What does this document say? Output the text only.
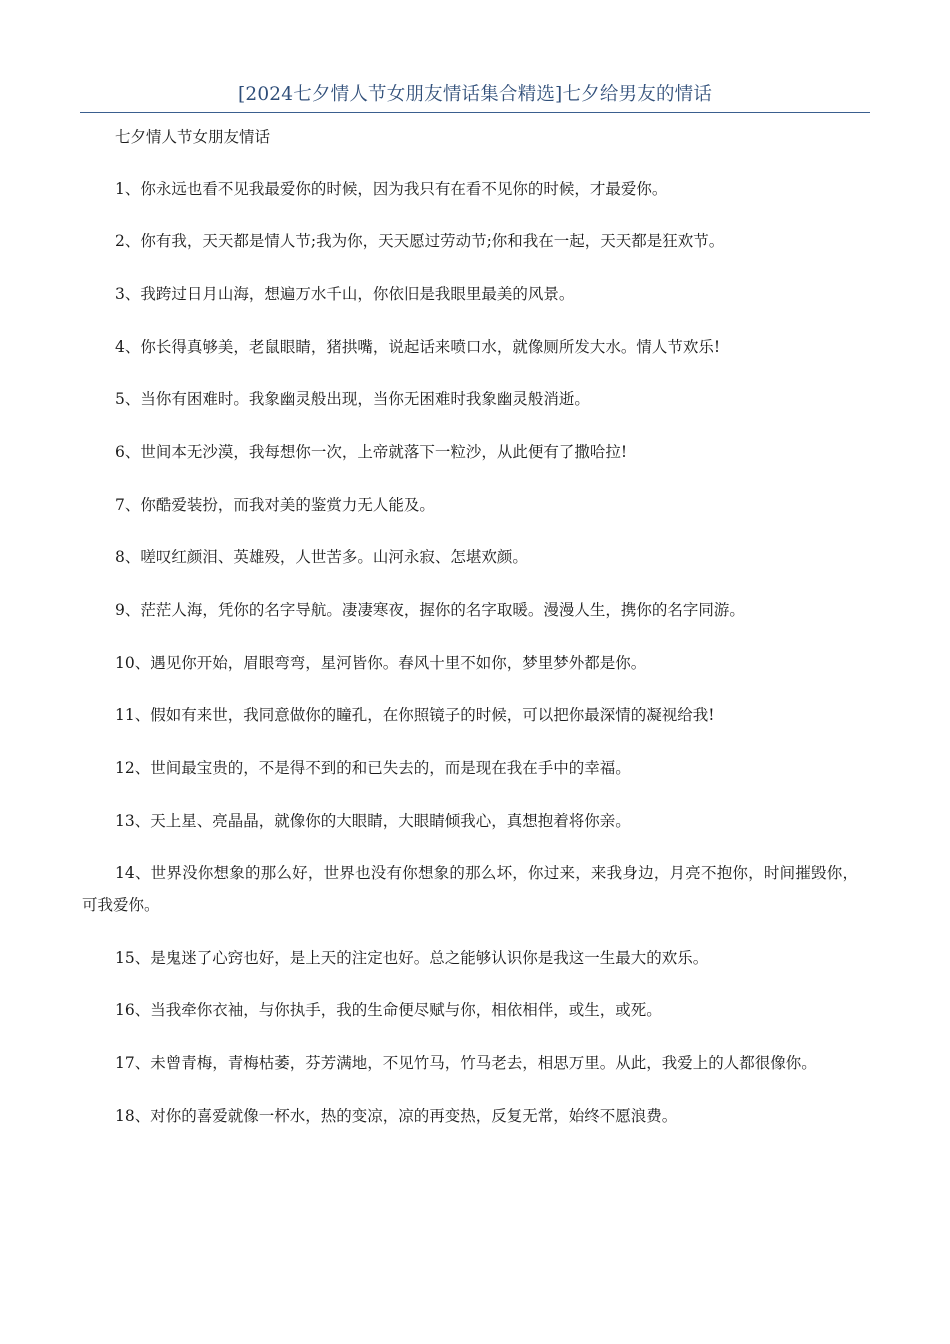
[2024七夕情人节女朋友情话集合精选]七夕给男友的情话

七夕情人节女朋友情话

1、你永远也看不见我最爱你的时候，因为我只有在看不见你的时候，才最爱你。
2、你有我，天天都是情人节;我为你，天天愿过劳动节;你和我在一起，天天都是狂欢节。
3、我跨过日月山海，想遍万水千山，你依旧是我眼里最美的风景。
4、你长得真够美，老鼠眼睛，猪拱嘴，说起话来喷口水，就像厕所发大水。情人节欢乐!
5、当你有困难时。我象幽灵般出现，当你无困难时我象幽灵般消逝。
6、世间本无沙漠，我每想你一次，上帝就落下一粒沙，从此便有了撒哈拉!
7、你酷爱装扮，而我对美的鉴赏力无人能及。
8、嗟叹红颜泪、英雄殁，人世苦多。山河永寂、怎堪欢颜。
9、茫茫人海，凭你的名字导航。凄凄寒夜，握你的名字取暖。漫漫人生，携你的名字同游。
10、遇见你开始，眉眼弯弯，星河皆你。春风十里不如你，梦里梦外都是你。
11、假如有来世，我同意做你的瞳孔，在你照镜子的时候，可以把你最深情的凝视给我!
12、世间最宝贵的，不是得不到的和已失去的，而是现在我在手中的幸福。
13、天上星、亮晶晶，就像你的大眼睛，大眼睛倾我心，真想抱着将你亲。
14、世界没你想象的那么好，世界也没有你想象的那么坏，你过来，来我身边，月亮不抱你，时间摧毁你，可我爱你。
15、是鬼迷了心窍也好，是上天的注定也好。总之能够认识你是我这一生最大的欢乐。
16、当我牵你衣袖，与你执手，我的生命便尽赋与你，相依相伴，或生，或死。
17、未曾青梅，青梅枯萎，芬芳满地，不见竹马，竹马老去，相思万里。从此，我爱上的人都很像你。
18、对你的喜爱就像一杯水，热的变凉，凉的再变热，反复无常，始终不愿浪费。
